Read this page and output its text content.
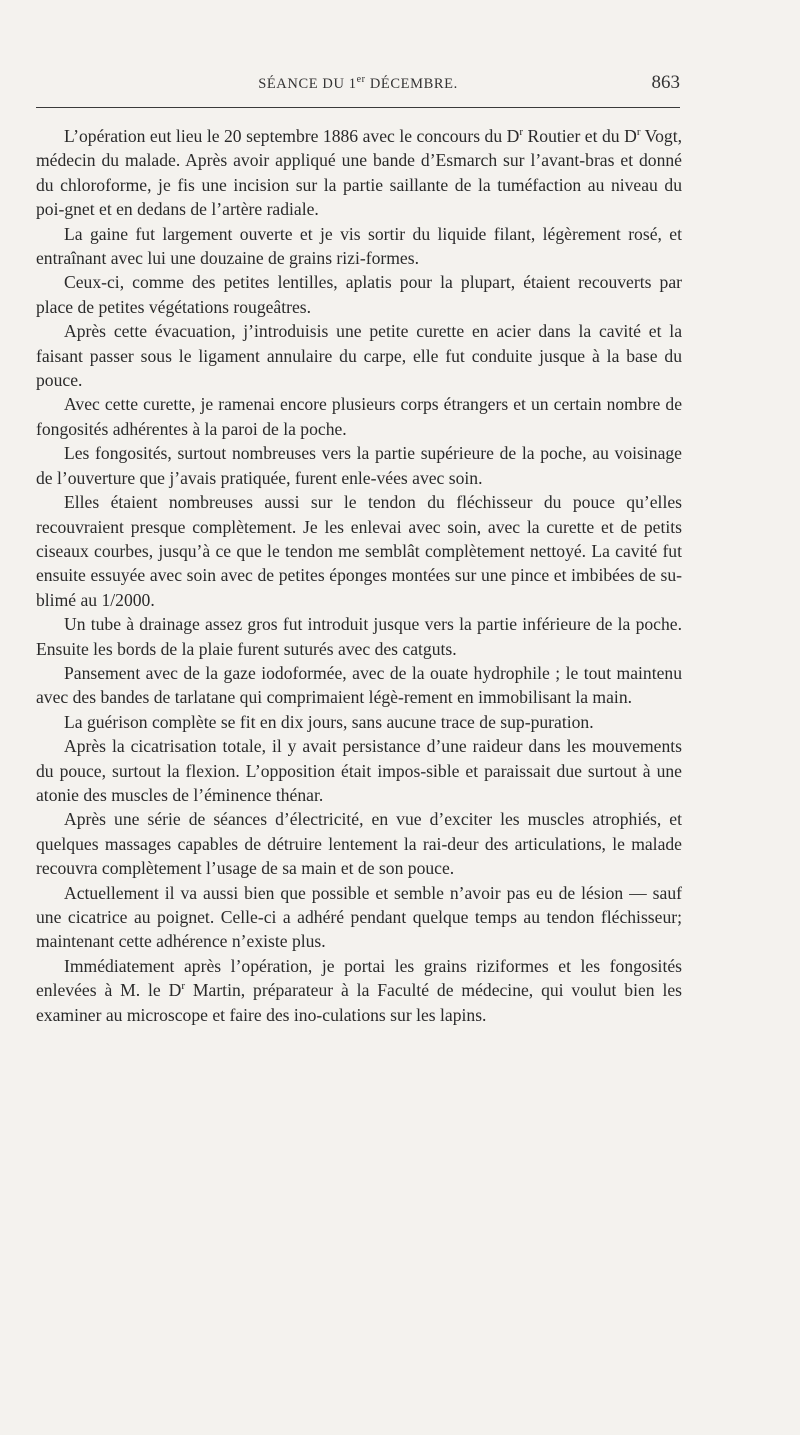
SÉANCE DU 1er DÉCEMBRE.	863

L’opération eut lieu le 20 septembre 1886 avec le concours du $D^r$ Routier et du $D^r$ Vogt, médecin du malade. Après avoir appliqué une bande d’Esmarch sur l’avant-bras et donné du chloroforme, je fis une incision sur la partie saillante de la tuméfaction au niveau du poi-gnet et en dedans de l’artère radiale.

La gaine fut largement ouverte et je vis sortir du liquide filant, légèrement rosé, et entraînant avec lui une douzaine de grains rizi-formes.

Ceux-ci, comme des petites lentilles, aplatis pour la plupart, étaient recouverts par place de petites végétations rougeâtres.

Après cette évacuation, j’introduisis une petite curette en acier dans la cavité et la faisant passer sous le ligament annulaire du carpe, elle fut conduite jusque à la base du pouce.

Avec cette curette, je ramenai encore plusieurs corps étrangers et un certain nombre de fongosités adhérentes à la paroi de la poche.

Les fongosités, surtout nombreuses vers la partie supérieure de la poche, au voisinage de l’ouverture que j’avais pratiquée, furent enle-vées avec soin.

Elles étaient nombreuses aussi sur le tendon du fléchisseur du pouce qu’elles recouvraient presque complètement. Je les enlevai avec soin, avec la curette et de petits ciseaux courbes, jusqu’à ce que le tendon me semblât complètement nettoyé. La cavité fut ensuite essuyée avec soin avec de petites éponges montées sur une pince et imbibées de su-blimé au 1/2000.

Un tube à drainage assez gros fut introduit jusque vers la partie inférieure de la poche. Ensuite les bords de la plaie furent suturés avec des catguts.

Pansement avec de la gaze iodoformée, avec de la ouate hydrophile ; le tout maintenu avec des bandes de tarlatane qui comprimaient légè-rement en immobilisant la main.

La guérison complète se fit en dix jours, sans aucune trace de sup-puration.

Après la cicatrisation totale, il y avait persistance d’une raideur dans les mouvements du pouce, surtout la flexion. L’opposition était impos-sible et paraissait due surtout à une atonie des muscles de l’éminence thénar.

Après une série de séances d’électricité, en vue d’exciter les muscles atrophiés, et quelques massages capables de détruire lentement la rai-deur des articulations, le malade recouvra complètement l’usage de sa main et de son pouce.

Actuellement il va aussi bien que possible et semble n’avoir pas eu de lésion — sauf une cicatrice au poignet. Celle-ci a adhéré pendant quelque temps au tendon fléchisseur; maintenant cette adhérence n’existe plus.

Immédiatement après l’opération, je portai les grains riziformes et les fongosités enlevées à M. le $D^r$ Martin, préparateur à la Faculté de médecine, qui voulut bien les examiner au microscope et faire des ino-culations sur les lapins.
